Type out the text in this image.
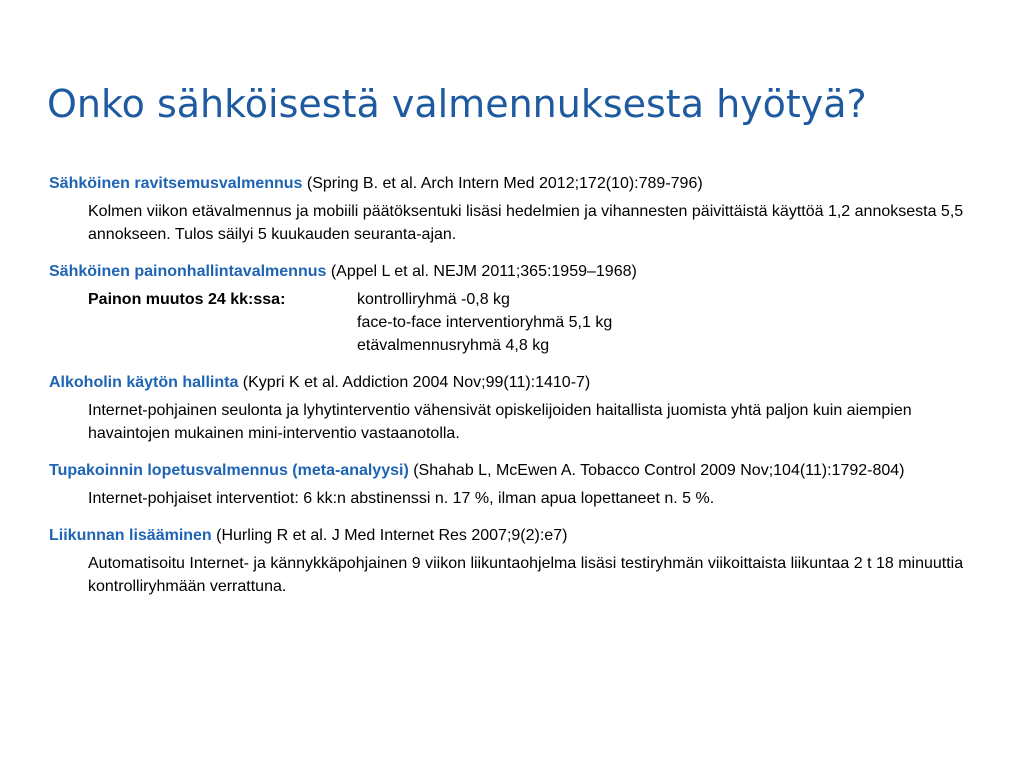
Onko sähköisestä valmennuksesta hyötyä?
Sähköinen ravitsemusvalmennus (Spring B. et al. Arch Intern Med 2012;172(10):789-796)
Kolmen viikon etävalmennus ja mobiili päätöksentuki lisäsi hedelmien ja vihannesten päivittäistä käyttöä 1,2 annoksesta 5,5 annokseen. Tulos säilyi 5 kuukauden seuranta-ajan.
Sähköinen painonhallintavalmennus (Appel L et al. NEJM 2011;365:1959–1968)
Painon muutos 24 kk:ssa:	kontrolliryhmä -0,8 kg
face-to-face interventioryhmä 5,1 kg
etävalmennusryhmä 4,8 kg
Alkoholin käytön hallinta (Kypri K et al. Addiction 2004 Nov;99(11):1410-7)
Internet-pohjainen seulonta ja lyhytinterventio vähensivät opiskelijoiden haitallista juomista yhtä paljon kuin aiempien havaintojen mukainen mini-interventio vastaanotolla.
Tupakoinnin lopetusvalmennus (meta-analyysi) (Shahab L, McEwen A. Tobacco Control 2009 Nov;104(11):1792-804)
Internet-pohjaiset interventiot: 6 kk:n abstinenssi n. 17 %, ilman apua lopettaneet n. 5 %.
Liikunnan lisääminen (Hurling R et al. J Med Internet Res 2007;9(2):e7)
Automatisoitu Internet- ja kännykkäpohjainen 9 viikon liikuntaohjelma lisäsi testiryhmän viikoittaista liikuntaa 2 t 18 minuuttia kontrolliryhmään verrattuna.
